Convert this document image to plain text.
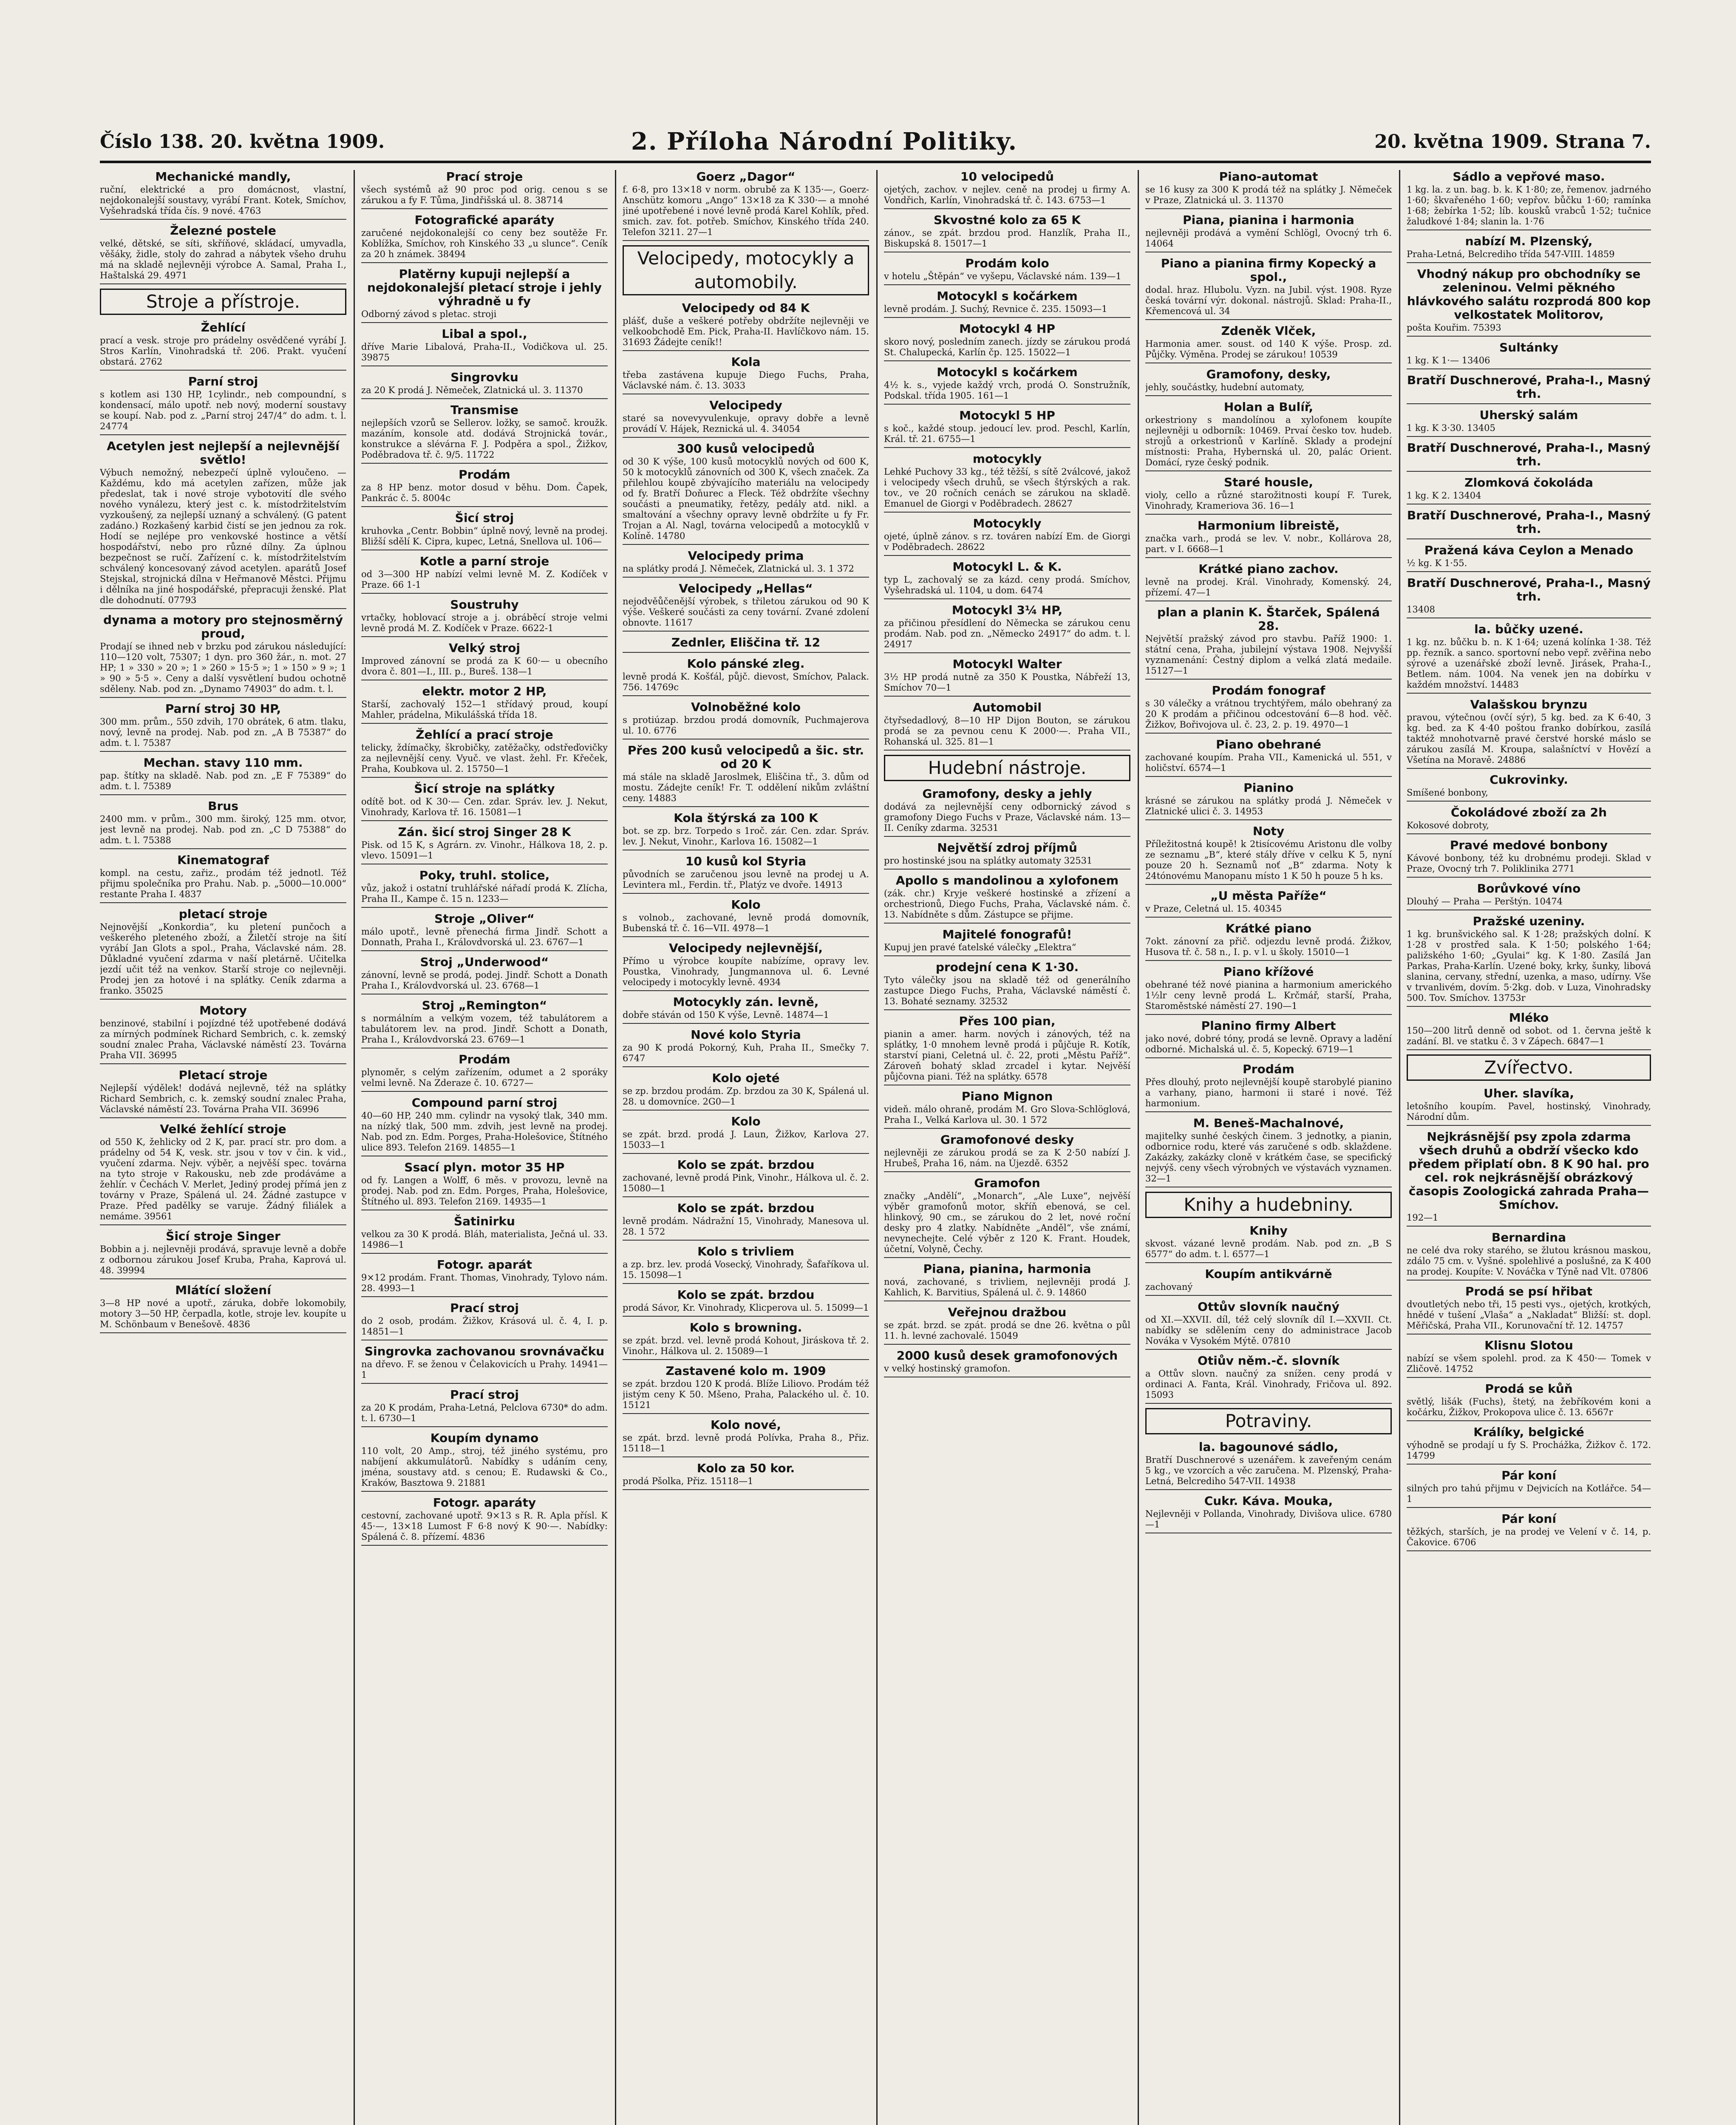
Číslo 138. 20. května 1909.	2. Příloha Národní Politiky.	20. května 1909. Strana 7.
Mechanické mandly,
ruční, elektrické a pro domácnost, vlastní, nejdokonalejší soustavy, vyrábí Frant. Kotek, Smíchov, Vyšehradská třída čís. 9 nové. 4763
Železné postele
velké, dětské, se síti, skříňové, skládací, umyvadla, věšáky, židle, stoly do zahrad a nábytek všeho druhu má na skladě nejlevněji výrobce A. Samal, Praha I., Haštalská 29. 4971
Stroje a přístroje.
Žehlící
prací a vesk. stroje pro prádelny osvědčené vyrábí J. Stros Karlín, Vinohradská tř. 206. Prakt. vyučení obstará. 2762
Parní stroj
s kotlem asi 130 HP, 1cylindr., neb compoundní, s kondensací, málo upotř. neb nový, moderní soustavy se koupí. Nab. pod z. „Parní stroj 247/4“ do adm. t. l. 24774
Acetylen jest nejlepší a nejlevnější světlo!
Výbuch nemožný, nebezpečí úplně vyloučeno. — Každému, kdo má acetylen zařízen, může jak předeslat, tak i nové stroje vybotovití dle svého nového vynálezu, který jest c. k. místodržitelstvím vyzkoušený, za nejlepší uznaný a schválený. (G patent zadáno.) Rozkašený karbid čistí se jen jednou za rok. Hodí se nejlépe pro venkovské hostince a větší hospodářství, nebo pro různé dílny. Za úplnou bezpečnost se ručí. Zařízení c. k. místodržitelstvím schválený koncesovaný závod acetylen. aparátů Josef Stejskal, strojnická dílna v Heřmanově Městci. Přijmu i dělníka na jiné hospodářské, přepracuji ženské. Plat dle dohodnutí. 07793
dynama a motory pro stejnosměrný proud,
Prodají se ihned neb v brzku pod zárukou následující: 110—120 volt, 75307; 1 dyn. pro 360 žár., n. mot. 27 HP; 1 » 330 » 20 »; 1 » 260 » 15·5 »; 1 » 150 » 9 »; 1 » 90 » 5·5 ». Ceny a další vysvětlení budou ochotně sděleny. Nab. pod zn. „Dynamo 74903“ do adm. t. l.
Parní stroj 30 HP,
300 mm. prům., 550 zdvih, 170 obrátek, 6 atm. tlaku, nový, levně na prodej. Nab. pod zn. „A B 75387“ do adm. t. l. 75387
Mechan. stavy 110 mm.
pap. štítky na skladě. Nab. pod zn. „E F 75389“ do adm. t. l. 75389
Brus
2400 mm. v prům., 300 mm. široký, 125 mm. otvor, jest levně na prodej. Nab. pod zn. „C D 75388“ do adm. t. l. 75388
Kinematograf
kompl. na cestu, zařiz., prodám též jednotl. Též přijmu společníka pro Prahu. Nab. p. „5000—10.000“ restante Praha I. 4837
pletací stroje
Nejnovější „Konkordia“, ku pletení punčoch a veškerého pleteného zboží, a Žiletčí stroje na šití vyrábí Jan Glots a spol., Praha, Václavské nám. 28. Důkladné vyučení zdarma v naší pletárně. Učitelka jezdí učit též na venkov. Starší stroje co nejlevněji. Prodej jen za hotové i na splátky. Ceník zdarma a franko. 35025
Motory
benzinové, stabilní i pojízdné též upotřebené dodává za mírných podmínek Richard Sembrich, c. k. zemský soudní znalec Praha, Václavské náměstí 23. Továrna Praha VII. 36995
Pletací stroje
Nejlepší výdělek! dodává nejlevně, též na splátky Richard Sembrich, c. k. zemský soudní znalec Praha, Václavské náměstí 23. Továrna Praha VII. 36996
Velké žehlící stroje
od 550 K, žehlicky od 2 K, par. prací str. pro dom. a prádelny od 54 K, vesk. str. jsou v tov v čin. k vid., vyučení zdarma. Nejv. výběr, a nejvěší spec. továrna na tyto stroje v Rakousku, neb zde prodáváme a žehlír. v Čechách V. Merlet, Jediný prodej přímá jen z továrny v Praze, Spálená ul. 24. Žádné zastupce v Praze. Před padělky se varuje. Žádný filiálek a nemáme. 39561
Šicí stroje Singer
Bobbin a j. nejlevněji prodává, spravuje levně a dobře z odbornou zárukou Josef Kruba, Praha, Kaprová ul. 48. 39994
Mlátící složení
3—8 HP nové a upotř., záruka, dobře lokomobily, motory 3—50 HP, čerpadla, kotle, stroje lev. koupíte u M. Schönbaum v Benešově. 4836
Prací stroje
všech systémů až 90 proc pod orig. cenou s se zárukou a fy F. Tůma, Jindřišská ul. 8. 38714
Fotografické aparáty
zaručené nejdokonalejší co ceny bez soutěže Fr. Koblížka, Smíchov, roh Kinského 33 „u slunce“. Ceník za 20 h známek. 38494
Platěrny kupuji nejlepší a nejdokonalejší pletací stroje i jehly výhradně u fy
Odborný závod s pletac. stroji
Libal a spol.,
dříve Marie Libalová, Praha-II., Vodičkova ul. 25. 39875
Singrovku
za 20 K prodá J. Němeček, Zlatnická ul. 3. 11370
Transmise
nejlepších vzorů se Sellerov. ložky, se samoč. kroužk. mazáním, konsole atd. dodává Strojnická továr., konstrukce a slévárna F. J. Podpěra a spol., Žižkov, Poděbradova tř. č. 9/5. 11722
Prodám
za 8 HP benz. motor dosud v běhu. Dom. Čapek, Pankrác č. 5. 8004c
Šicí stroj
kruhovka „Centr. Bobbin“ úplně nový, levně na prodej. Bližší sdělí K. Cipra, kupec, Letná, Snellova ul. 106—
Kotle a parní stroje
od 3—300 HP nabízí velmi levně M. Z. Kodíček v Praze. 66 1-1
Soustruhy
vrtačky, hoblovací stroje a j. obráběcí stroje velmi levně prodá M. Z. Kodíček v Praze. 6622-1
Velký stroj
Improved zánovní se prodá za K 60·— u obecního dvora č. 801—I., III. p., Bureš. 138—1
elektr. motor 2 HP,
Starší, zachovalý 152—1 střídavý proud, koupí Mahler, prádelna, Mikulášská třída 18.
Žehlící a prací stroje
telicky, ždímačky, škrobičky, zatěžačky, odstřeďovičky za nejlevnější ceny. Vyuč. ve vlast. žehl. Fr. Křeček, Praha, Koubkova ul. 2. 15750—1
Šicí stroje na splátky
odítě bot. od K 30·— Cen. zdar. Správ. lev. J. Nekut, Vinohrady, Karlova tř. 16. 15081—1
Zán. šicí stroj Singer 28 K
Pisk. od 15 K, s Agrárn. zv. Vinohr., Hálkova 18, 2. p. vlevo. 15091—1
Poky, truhl. stolice,
vůz, jakož i ostatní truhlářské nářadí prodá K. Zlícha, Praha II., Kampe č. 15 n. 1233—
Stroje „Oliver“
málo upotř., levně přenechá firma Jindř. Schott a Donnath, Praha I., Královdvorská ul. 23. 6767—1
Stroj „Underwood“
zánovní, levně se prodá, podej. Jindř. Schott a Donath Praha I., Královdvorská ul. 23. 6768—1
Stroj „Remington“
s normálním a velkým vozem, též tabulátorem a tabulátorem lev. na prod. Jindř. Schott a Donath, Praha I., Královdvorská 23. 6769—1
Prodám
plynoměr, s celým zařízením, odumet a 2 sporáky velmi levně. Na Zderaze č. 10. 6727—
Compound parní stroj
40—60 HP, 240 mm. cylindr na vysoký tlak, 340 mm. na nízký tlak, 500 mm. zdvih, jest levně na prodej. Nab. pod zn. Edm. Porges, Praha-Holešovice, Štítného ulice 893. Telefon 2169. 14855—1
Ssací plyn. motor 35 HP
od fy. Langen a Wolff, 6 měs. v provozu, levně na prodej. Nab. pod zn. Edm. Porges, Praha, Holešovice, Štítného ul. 893. Telefon 2169. 14935—1
Šatinirku
velkou za 30 K prodá. Bláh, materialista, Ječná ul. 33. 14986—1
Fotogr. aparát
9×12 prodám. Frant. Thomas, Vinohrady, Tylovo nám. 28. 4993—1
Prací stroj
do 2 osob, prodám. Žižkov, Krásová ul. č. 4, I. p. 14851—1
Singrovka zachovanou srovnávačku
na dřevo. F. se ženou v Čelakovicích u Prahy. 14941—1
Prací stroj
za 20 K prodám, Praha-Letná, Pelclova 6730* do adm. t. l. 6730—1
Koupím dynamo
110 volt, 20 Amp., stroj, též jiného systému, pro nabíjení akkumulátorů. Nabídky s udáním ceny, jména, soustavy atd. s cenou; E. Rudawski & Co., Kraków, Basztowa 9. 21881
Fotogr. aparáty
cestovní, zachované upotř. 9×13 s R. R. Apla přísl. K 45·—, 13×18 Lumost F 6·8 nový K 90·—. Nabídky: Spálená č. 8. přízemí. 4836
Goerz „Dagor“
f. 6·8, pro 13×18 v norm. obrubě za K 135·—, Goerz-Anschütz komoru „Ango“ 13×18 za K 330·— a mnohé jiné upotřebené i nové levně prodá Karel Kohlík, před. smich. zav. fot. potřeb. Smíchov, Kinského třída 240. Telefon 3211. 27—1
Velocipedy, motocykly a automobily.
Velocipedy od 84 K
plášť, duše a veškeré potřeby obdržíte nejlevněji ve velkoobchodě Em. Pick, Praha-II. Havlíčkovo nám. 15. 31693 Žádejte ceník!!
Kola
třeba zastávena kupuje Diego Fuchs, Praha, Václavské nám. č. 13. 3033
Velocipedy
staré sa novevyvulenkuje, opravy dobře a levně provádí V. Hájek, Reznická ul. 4. 34054
300 kusů velocipedů
od 30 K výše, 100 kusů motocyklů nových od 600 K, 50 k motocyklů zánovních od 300 K, všech značek. Za přilehlou koupě zbývajícího materiálu na velocipedy od fy. Bratří Doňurec a Fleck. Též obdržíte všechny součásti a pneumatiky, řetězy, pedály atd. nikl. a smaltování a všechny opravy levně obdržíte u fy Fr. Trojan a Al. Nagl, továrna velocipedů a motocyklů v Kolíně. 14780
Velocipedy prima
na splátky prodá J. Němeček, Zlatnická ul. 3. 1 372
Velocipedy „Hellas“
nejodvěůčenější výrobek, s třiletou zárukou od 90 K výše. Veškeré součásti za ceny tovární. Zvané zdolení obnovte. 11617
Zednler, Eliščina tř. 12
Kolo pánské zleg.
levně prodá K. Košťál, půjč. dievost, Smíchov, Palack. 756. 14769c
Volnoběžné kolo
s protiúzap. brzdou prodá domovník, Puchmajerova ul. 10. 6776
Přes 200 kusů velocipedů a šic. str. od 20 K
má stále na skladě Jaroslmek, Eliščina tř., 3. dům od mostu. Zádejte ceník! Fr. T. oddělení nikům zvláštní ceny. 14883
Kola štýrská za 100 K
bot. se zp. brz. Torpedo s 1roč. zár. Cen. zdar. Správ. lev. J. Nekut, Vinohr., Karlova 16. 15082—1
10 kusů kol Styria
původních se zaručenou jsou levně na prodej u A. Levintera ml., Ferdin. tř., Platýz ve dvoře. 14913
Kolo
s volnob., zachované, levně prodá domovník, Bubenská tř. č. 16—VII. 4978—1
Velocipedy nejlevnější,
Přímo u výrobce koupíte nabízíme, opravy lev. Poustka, Vinohrady, Jungmannova ul. 6. Levné velocipedy i motocykly levně. 4934
Motocykly zán. levně,
dobře stáván od 150 K výše, Levně. 14874—1
Nové kolo Styria
za 90 K prodá Pokorný, Kuh, Praha II., Smečky 7. 6747
Kolo ojeté
se zp. brzdou prodám. Zp. brzdou za 30 K, Spálená ul. 28. u domovníce. 2G0—1
Kolo
se zpát. brzd. prodá J. Laun, Žižkov, Karlova 27. 15033—1
Kolo se zpát. brzdou
zachované, levně prodá Pink, Vinohr., Hálkova ul. č. 2. 15080—1
Kolo se zpát. brzdou
levně prodám. Nádražní 15, Vinohrady, Manesova ul. 28. 1 572
Kolo s trivliem
a zp. brz. lev. prodá Vosecký, Vinohrady, Šafaříkova ul. 15. 15098—1
Kolo se zpát. brzdou
prodá Sávor, Kr. Vinohrady, Klicperova ul. 5. 15099—1
Kolo s browning.
se zpát. brzd. vel. levně prodá Kohout, Jiráskova tř. 2. Vinohr., Hálkova ul. 2. 15089—1
Zastavené kolo m. 1909
se zpát. brzdou 120 K prodá. Blíže Liliovo. Prodám též jistým ceny K 50. Mšeno, Praha, Palackého ul. č. 10. 15121
Kolo nové,
se zpát. brzd. levně prodá Polívka, Praha 8., Přiz. 15118—1
Kolo za 50 kor.
prodá Pšolka, Přiz. 15118—1
10 velocipedů
ojetých, zachov. v nejlev. ceně na prodej u firmy A. Vondřich, Karlín, Vinohradská tř. č. 143. 6753—1
Skvostné kolo za 65 K
zánov., se zpát. brzdou prod. Hanzlík, Praha II., Biskupská 8. 15017—1
Prodám kolo
v hotelu „Štěpán“ ve vyšepu, Václavské nám. 139—1
Motocykl s kočárkem
levně prodám. J. Suchý, Revnice č. 235. 15093—1
Motocykl 4 HP
skoro nový, posledním zanech. jízdy se zárukou prodá St. Chalupecká, Karlín čp. 125. 15022—1
Motocykl s kočárkem
4½ k. s., vyjede každý vrch, prodá O. Sonstružník, Podskal. třída 1905. 161—1
Motocykl 5 HP
s koč., každé stoup. jedoucí lev. prod. Peschl, Karlín, Král. tř. 21. 6755—1
motocykly
Lehké Puchovy 33 kg., též těžší, s sítě 2válcové, jakož i velocipedy všech druhů, se všech štýrských a rak. tov., ve 20 ročních cenách se zárukou na skladě. Emanuel de Giorgi v Poděbradech. 28627
Motocykly
ojeté, úplně zánov. s rz. továren nabízí Em. de Giorgi v Poděbradech. 28622
Motocykl L. & K.
typ L, zachovalý se za kázd. ceny prodá. Smíchov, Vyšehradská ul. 1104, u dom. 6474
Motocykl 3¼ HP,
za přičinou přesídlení do Německa se zárukou cenu prodám. Nab. pod zn. „Německo 24917“ do adm. t. l. 24917
Motocykl Walter
3½ HP prodá nutně za 350 K Poustka, Nábřeží 13, Smíchov 70—1
Automobil
čtyřsedadlový, 8—10 HP Dijon Bouton, se zárukou prodá se za pevnou cenu K 2000·—. Praha VII., Rohanská ul. 325. 81—1
Hudební nástroje.
Gramofony, desky a jehly
dodává za nejlevnější ceny odbornický závod s gramofony Diego Fuchs v Praze, Václavské nám. 13—II. Ceníky zdarma. 32531
Největší zdroj příjmů
pro hostinské jsou na splátky automaty 32531
Apollo s mandolinou a xylofonem
(zák. chr.) Kryje veškeré hostinské a zřízení a orchestrionů, Diego Fuchs, Praha, Václavské nám. č. 13. Nabídněte s dům. Zástupce se přijme.
Majitelé fonografů!
Kupuj jen pravé ťatelské válečky „Elektra“
prodejní cena K 1·30.
Tyto válečky jsou na skladě též od generálního zastupce Diego Fuchs, Praha, Václavské náměstí č. 13. Bohaté seznamy. 32532
Přes 100 pian,
pianin a amer. harm. nových i zánových, též na splátky, 1·0 mnohem levně prodá i půjčuje R. Kotík, starství piani, Celetná ul. č. 22, proti „Městu Paříž“. Zároveň bohatý sklad zrcadel i kytar. Nejvěší půjčovna piani. Též na splátky. 6578
Piano Mignon
videň. málo ohraně, prodám M. Gro Slova-Schlöglová, Praha I., Velká Karlova ul. 30. 1 572
Gramofonové desky
nejlevněji ze zárukou prodá se za K 2·50 nabízí J. Hrubeš, Praha 16, nám. na Újezdě. 6352
Gramofon
značky „Andělí“, „Monarch“, „Ale Luxe“, nejvěší výběr gramofonů motor, skříň ebenová, se cel. hlinkový, 90 cm., se zárukou do 2 let, nové roční desky pro 4 zlatky. Nabídněte „Anděl“, vše známí, nevynechejte. Celé výběr z 120 K. Frant. Houdek, účetní, Volyně, Čechy.
Piana, pianina, harmonia
nová, zachované, s trivliem, nejlevněji prodá J. Kahlich, K. Barvitius, Spálená ul. č. 9. 14860
Veřejnou dražbou
se zpát. brzd. se zpát. prodá se dne 26. května o půl 11. h. levné zachovalé. 15049
2000 kusů desek gramofonových
v velký hostinský gramofon.
Piano-automat
se 16 kusy za 300 K prodá též na splátky J. Němeček v Praze, Zlatnická ul. 3. 11370
Piana, pianina i harmonia
nejlevněji prodává a vymění Schlögl, Ovocný trh 6. 14064
Piano a pianina firmy Kopecký a spol.,
dodal. hraz. Hlubolu. Vyzn. na Jubil. výst. 1908. Ryze česká tovární výr. dokonal. nástrojů. Sklad: Praha-II., Křemencová ul. 34
Zdeněk Vlček,
Harmonia amer. soust. od 140 K výše. Prosp. zd. Půjčky. Výměna. Prodej se zárukou! 10539
Gramofony, desky,
jehly, součástky, hudební automaty,
Holan a Bulíř,
orkestriony s mandolínou a xylofonem koupíte nejlevněji u odborník: 10469. Prvaí česko tov. hudeb. strojů a orkestrionů v Karlíně. Sklady a prodejní místnosti: Praha, Hybernská ul. 20, palác Orient. Domácí, ryze český podnik.
Staré housle,
violy, cello a různé starožitnosti koupí F. Turek, Vinohrady, Krameriova 36. 16—1
Harmonium libreistě,
značka varh., prodá se lev. V. nobr., Kollárova 28, part. v I. 6668—1
Krátké piano zachov.
levně na prodej. Král. Vinohrady, Komenský. 24, přízemí. 47—1
plan a planin K. Štarček, Spálená 28.
Největší pražský závod pro stavbu. Paříž 1900: 1. státní cena, Praha, jubilejní výstava 1908. Nejvyšší vyznamenání: Čestný diplom a velká zlatá medaile. 15127—1
Prodám fonograf
s 30 válečky a vrátnou trychtýřem, málo obehraný za 20 K prodám a přičinou odcestování 6—8 hod. věč. Žižkov, Bořivojova ul. č. 23, 2. p. 19. 4970—1
Piano obehrané
zachované koupím. Praha VII., Kamenická ul. 551, v holičství. 6574—1
Pianino
krásné se zárukou na splátky prodá J. Němeček v Zlatnické ulici č. 3. 14953
Noty
Příležitostná koupě! k 2tisícovému Aristonu dle volby ze seznamu „B“, které stály dříve v celku K 5, nyní pouze 20 h. Seznamů noť „B“ zdarma. Noty k 24tónovému Manopanu místo 1 K 50 h pouze 5 h ks.
„U města Paříže“
v Praze, Celetná ul. 15. 40345
Krátké piano
7okt. zánovní za přič. odjezdu levně prodá. Žižkov, Husova tř. č. 58 n., I. p. v l. u školy. 15010—1
Piano křížové
obehrané též nové pianina a harmonium amerického 1½lr ceny levně prodá L. Krčmář, starší, Praha, Staroměstské náměstí 27. 190—1
Planino firmy Albert
jako nové, dobré tóny, prodá se levně. Opravy a ladění odborné. Michalská ul. č. 5, Kopecký. 6719—1
Prodám
Přes dlouhý, proto nejlevnější koupě starobylé pianino a varhany, piano, harmoni ii staré i nové. Též harmonium.
M. Beneš-Machalnové,
majitelky sunhé českých činem. 3 jednotky, a pianin, odbornice rodu, které vás zaručené s odb. sklaždene. Zakázky, zakázky cloně v krátkém čase, se specifický nejvýš. ceny všech výrobných ve výstavách vyznamen. 32—1
Knihy a hudebniny.
Knihy
skvost. vázané levně prodám. Nab. pod zn. „B S 6577“ do adm. t. l. 6577—1
Koupím antikvárně
zachovaný
Ottův slovník naučný
od XI.—XXVII. díl, též celý slovník díl I.—XXVII. Ct. nabídky se sdělením ceny do administrace Jacob Nováka v Vysokém Mýtě. 07810
Otiův něm.-č. slovník
a Ottův slovn. naučný za snížen. ceny prodá v ordinaci A. Fanta, Král. Vinohrady, Fričova ul. 892. 15093
Potraviny.
la. bagounové sádlo,
Bratří Duschnerové s uzenářem. k zaveřeným cenám 5 kg., ve vzorcích a věc zaručena. M. Plzenský, Praha-Letná, Belcrediho 547-VII. 14938
Cukr. Káva. Mouka,
Nejlevněji v Pollanda, Vinohrady, Divišova ulice. 6780—1
Sádlo a vepřové maso.
1 kg. la. z un. bag. b. k. K 1·80; ze, řemenov. jadrného 1·60; škvařeného 1·60; vepřov. bůčku 1·60; ramínka 1·68; žebírka 1·52; líb. kousků vrabců 1·52; tučnice žaludkové 1·84; slanin la. 1·76
nabízí M. Plzenský,
Praha-Letná, Belcrediho třída 547-VIII. 14859
Vhodný nákup pro obchodníky se zeleninou. Velmi pěkného hlávkového salátu rozprodá 800 kop velkostatek Molitorov,
pošta Kouřim. 75393
Sultánky
1 kg. K 1·— 13406
Bratří Duschnerové, Praha-I., Masný trh.
Uherský salám
1 kg. K 3·30. 13405
Bratří Duschnerové, Praha-I., Masný trh.
Zlomková čokoláda
1 kg. K 2. 13404
Bratří Duschnerové, Praha-I., Masný trh.
Pražená káva Ceylon a Menado
½ kg. K 1·55.
Bratří Duschnerové, Praha-I., Masný trh.
13408
la. bůčky uzené.
1 kg. nz. bůčku b. n. K 1·64; uzená kolínka 1·38. Též pp. řezník. a sanco. sportovní nebo vepř. zvěřina nebo sýrové a uzenářské zboží levně. Jirásek, Praha-I., Betlem. nám. 1004. Na venek jen na dobírku v každém množství. 14483
Valašskou brynzu
pravou, výtečnou (ovčí sýr), 5 kg. bed. za K 6·40, 3 kg. bed. za K 4·40 poštou franko dobírkou, zasílá taktéž mnohotvarně pravé čerstvé horské máslo se zárukou zasílá M. Kroupa, salašníctví v Hovězí a Všetína na Moravě. 24886
Cukrovinky.
Smíšené bonbony,
Čokoládové zboží za 2h
Kokosové dobroty,
Pravé medové bonbony
Kávové bonbony, též ku drobnému prodeji. Sklad v Praze, Ovocný trh 7. Poliklinika 2771
Borůvkové víno
Dlouhý — Praha — Perštýn. 10474
Pražské uzeniny.
1 kg. brunšvického sal. K 1·28; pražských dolní. K 1·28 v prostřed sala. K 1·50; polského 1·64; paližského 1·60; „Gyulai“ kg. K 1·80. Zasílá Jan Parkas, Praha-Karlín. Uzené boky, krky, šunky, libová slanina, cervany, střední, uzenka, a maso, udírny. Vše v trvanlivém, dovím. 5·2kg. dob. v Luza, Vinohradsky 500. Tov. Smíchov. 13753r
Mléko
150—200 litrů denně od sobot. od 1. června ještě k zadání. Bl. ve statku č. 3 v Zápech. 6847—1
Zvířectvo.
Uher. slavíka,
letošního koupím. Pavel, hostinský, Vinohrady, Národní dům.
Nejkrásnější psy zpola zdarma všech druhů a obdrží všecko kdo předem připlatí obn. 8 K 90 hal. pro cel. rok nejkrásnější obrázkový časopis Zoologická zahrada Praha—Smíchov.
192—1
Bernardina
ne celé dva roky starého, se žlutou krásnou maskou, zdálo 75 cm. v. Vyšné. spolehlivé a poslušné, za K 400 na prodej. Koupíte: V. Nováčka v Týně nad Vlt. 07806
Prodá se psí hřibat
dvoutletých nebo tři, 15 pesti vys., ojetých, krotkých, hnědé v tušení „Vlaša“ a „Nakladat“ Bližší: st. dopl. Měřičská, Praha VII., Korunovační tř. 12. 14757
Klisnu Slotou
nabízí se všem spolehl. prod. za K 450·— Tomek v Zličově. 14752
Prodá se kůň
světlý, lišák (Fuchs), štetý, na žebříkovém koni a kočárku, Žižkov, Prokopova ulice č. 13. 6567r
Králíky, belgické
výhodně se prodají u fy S. Prochážka, Žižkov č. 172. 14799
Pár koní
silných pro tahú přijmu v Dejvicích na Kotlářce. 54—1
Pár koní
těžkých, starších, je na prodej ve Velení v č. 14, p. Čakovice. 6706
